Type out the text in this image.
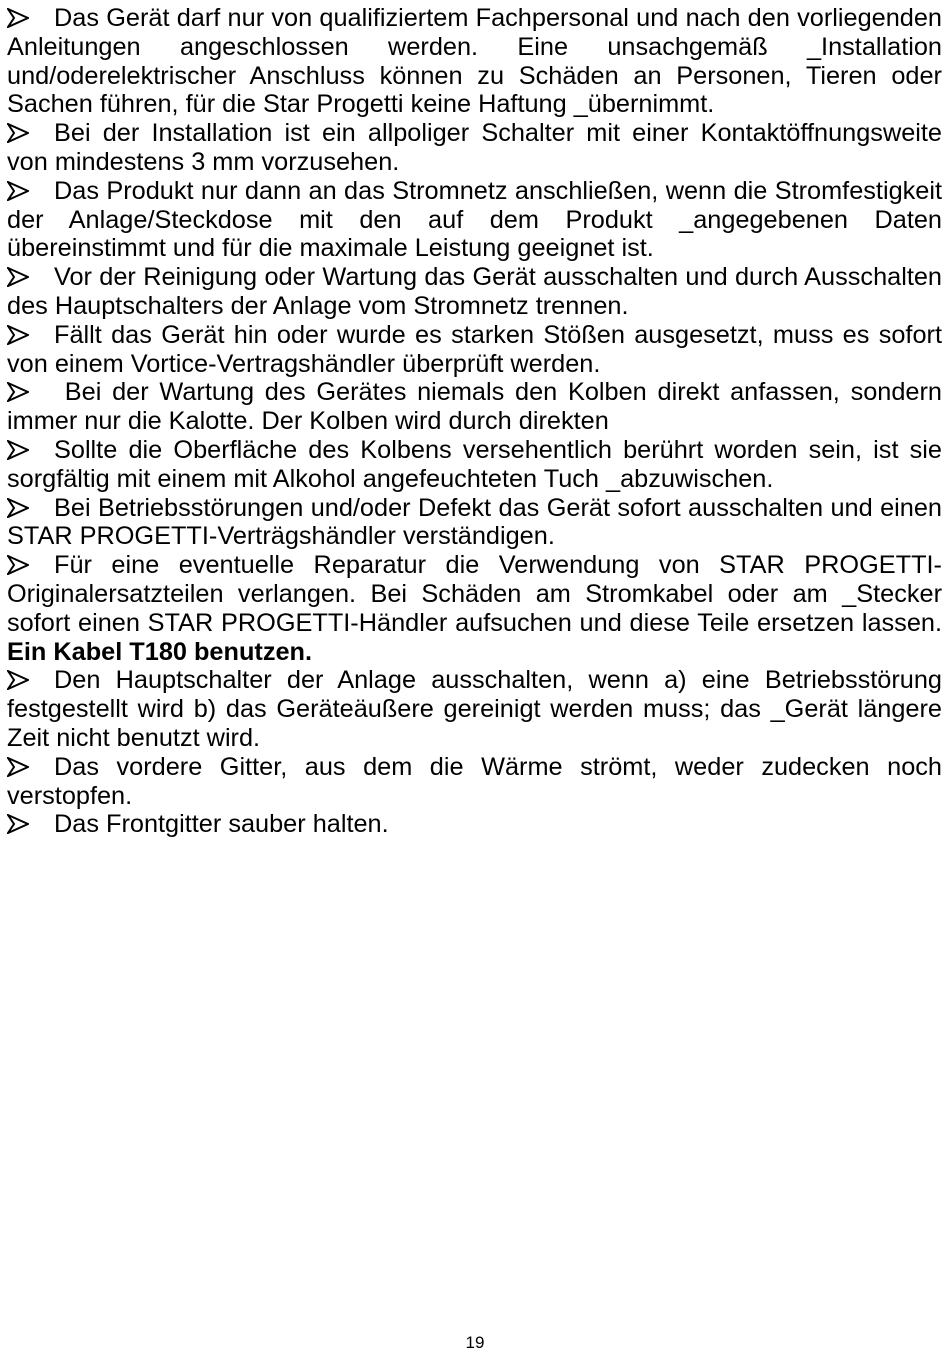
Das Gerät darf nur von qualifiziertem Fachpersonal und nach den vorliegenden Anleitungen angeschlossen werden. Eine unsachgemäß _Installation und/oderelektrischer Anschluss können zu Schäden an Personen, Tieren oder Sachen führen, für die Star Progetti keine Haftung _übernimmt.

Bei der Installation ist ein allpoliger Schalter mit einer Kontaktöffnungsweite von mindestens 3 mm vorzusehen.

Das Produkt nur dann an das Stromnetz anschließen, wenn die Stromfestigkeit der Anlage/Steckdose mit den auf dem Produkt _angegebenen Daten übereinstimmt und für die maximale Leistung geeignet ist.

Vor der Reinigung oder Wartung das Gerät ausschalten und durch Ausschalten des Hauptschalters der Anlage vom Stromnetz trennen.

Fällt das Gerät hin oder wurde es starken Stößen ausgesetzt, muss es sofort von einem Vortice-Vertragshändler überprüft werden.

Bei der Wartung des Gerätes niemals den Kolben direkt anfassen, sondern immer nur die Kalotte. Der Kolben wird durch direkten

Sollte die Oberfläche des Kolbens versehentlich berührt worden sein, ist sie sorgfältig mit einem mit Alkohol angefeuchteten Tuch _abzuwischen.

Bei Betriebsstörungen und/oder Defekt das Gerät sofort ausschalten und einen STAR PROGETTI-Verträgshändler verständigen.

Für eine eventuelle Reparatur die Verwendung von STAR PROGETTI-Originalersatzteilen verlangen. Bei Schäden am Stromkabel oder am _Stecker sofort einen STAR PROGETTI-Händler aufsuchen und diese Teile ersetzen lassen. Ein Kabel T180 benutzen.

Den Hauptschalter der Anlage ausschalten, wenn a) eine Betriebsstörung festgestellt wird b) das Geräteäußere gereinigt werden muss; das _Gerät längere Zeit nicht benutzt wird.

Das vordere Gitter, aus dem die Wärme strömt, weder zudecken noch verstopfen.

Das Frontgitter sauber halten.

19
